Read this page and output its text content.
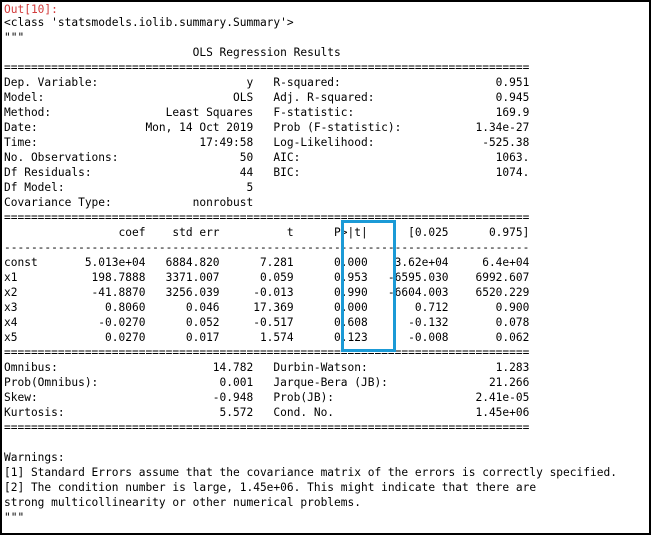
Out[10]:
<class 'statsmodels.iolib.summary.Summary'>
"""
OLS Regression Results
==============================================================================
Dep. Variable:                      y   R-squared:                       0.951
Model:                            OLS   Adj. R-squared:                  0.945
Method:                 Least Squares   F-statistic:                     169.9
Date:                Mon, 14 Oct 2019   Prob (F-statistic):           1.34e-27
Time:                        17:49:58   Log-Likelihood:                -525.38
No. Observations:                  50   AIC:                             1063.
Df Residuals:                      44   BIC:                             1074.
Df Model:                           5
Covariance Type:            nonrobust
==============================================================================
coef    std err          t      P>|t|      [0.025      0.975]
------------------------------------------------------------------------------
const       5.013e+04   6884.820      7.281      0.000    3.62e+04     6.4e+04
x1           198.7888   3371.007      0.059      0.953   -6595.030    6992.607
x2           -41.8870   3256.039     -0.013      0.990   -6604.003    6520.229
x3             0.8060      0.046     17.369      0.000       0.712       0.900
x4            -0.0270      0.052     -0.517      0.608      -0.132       0.078
x5             0.0270      0.017      1.574      0.123      -0.008       0.062
==============================================================================
Omnibus:                       14.782   Durbin-Watson:                   1.283
Prob(Omnibus):                  0.001   Jarque-Bera (JB):               21.266
Skew:                          -0.948   Prob(JB):                     2.41e-05
Kurtosis:                       5.572   Cond. No.                     1.45e+06
==============================================================================

Warnings:
[1] Standard Errors assume that the covariance matrix of the errors is correctly specified.
[2] The condition number is large, 1.45e+06. This might indicate that there are
strong multicollinearity or other numerical problems.
"""
